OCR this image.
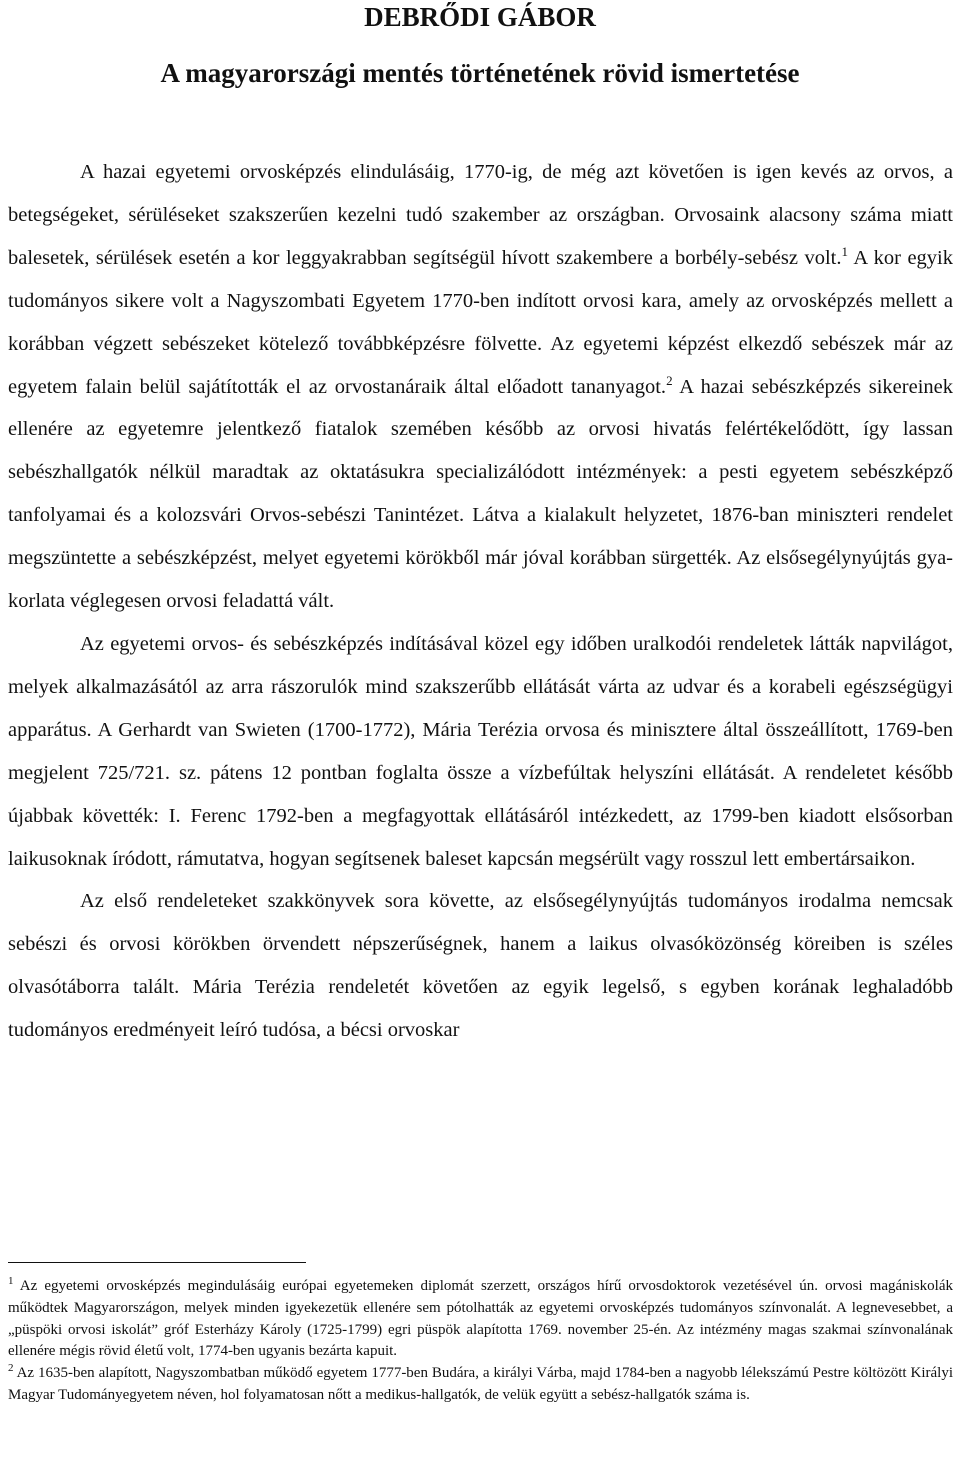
DEBRŐDI GÁBOR
A magyarországi mentés történetének rövid ismertetése

A hazai egyetemi orvosképzés elindulásáig, 1770-ig, de még azt követően is igen kevés az orvos, a betegségeket, sérüléseket szakszerűen kezelni tudó szakember az országban. Orvosaink alacsony száma miatt balesetek, sérülések esetén a kor leggyakrabban segítségül hívott szakembere a borbély-sebész volt.$^1$ A kor egyik tudományos sikere volt a Nagyszombati Egyetem 1770-ben indított orvosi kara, amely az orvosképzés mellett a korábban végzett sebészeket kötelező továbbképzésre fölvette. Az egyetemi képzést elkezdő sebészek már az egyetem falain belül sajátították el az orvostanáraik által előadott tananyagot.$^2$ A hazai sebészképzés sikereinek ellenére az egyetemre jelentkező fiatalok szemében később az orvosi hivatás felértékelődött, így lassan sebészhallgatók nélkül maradtak az oktatásukra specializálódott intézmények: a pesti egyetem sebészképző tanfolyamai és a kolozsvári Orvos-sebészi Tanintézet. Látva a kialakult helyzetet, 1876-ban miniszteri rendelet megszüntette a sebészképzést, melyet egyetemi körökből már jóval korábban sürgették. Az elsősegélynyújtás gyakorlata véglegesen orvosi feladattá vált.

Az egyetemi orvos- és sebészképzés indításával közel egy időben uralkodói rendeletek látták napvilágot, melyek alkalmazásától az arra rászorulók mind szakszerűbb ellátását várta az udvar és a korabeli egészségügyi apparátus. A Gerhardt van Swieten (1700-1772), Mária Terézia orvosa és minisztere által összeállított, 1769-ben megjelent 725/721. sz. pátens 12 pontban foglalta össze a vízbefúltak helyszíni ellátását. A rendeletet később újabbak követték: I. Ferenc 1792-ben a megfagyottak ellátásáról intézkedett, az 1799-ben kiadott elsősorban laikusoknak íródott, rámutatva, hogyan segítsenek baleset kapcsán megsérült vagy rosszul lett embertársaikon.

Az első rendeleteket szakkönyvek sora követte, az elsősegélynyújtás tudományos irodalma nemcsak sebészi és orvosi körökben örvendett népszerűségnek, hanem a laikus olvasóközönség köreiben is széles olvasótáborra talált. Mária Terézia rendeletét követően az egyik legelső, s egyben korának leghaladóbb tudományos eredményeit leíró tudósa, a bécsi orvoskar

$^1$ Az egyetemi orvosképzés megindulásáig európai egyetemeken diplomát szerzett, országos hírű orvosdoktorok vezetésével ún. orvosi magániskolák működtek Magyarországon, melyek minden igyekezetük ellenére sem pótolhatták az egyetemi orvosképzés tudományos színvonalát. A legnevesebbet, a „püspöki orvosi iskolát” gróf Esterházy Károly (1725-1799) egri püspök alapította 1769. november 25-én. Az intézmény magas szakmai színvonalának ellenére mégis rövid életű volt, 1774-ben ugyanis bezárta kapuit.

$^2$ Az 1635-ben alapított, Nagyszombatban működő egyetem 1777-ben Budára, a királyi Várba, majd 1784-ben a nagyobb lélekszámú Pestre költözött Királyi Magyar Tudományegyetem néven, hol folyamatosan nőtt a medikus-hallgatók, de velük együtt a sebész-hallgatók száma is.
